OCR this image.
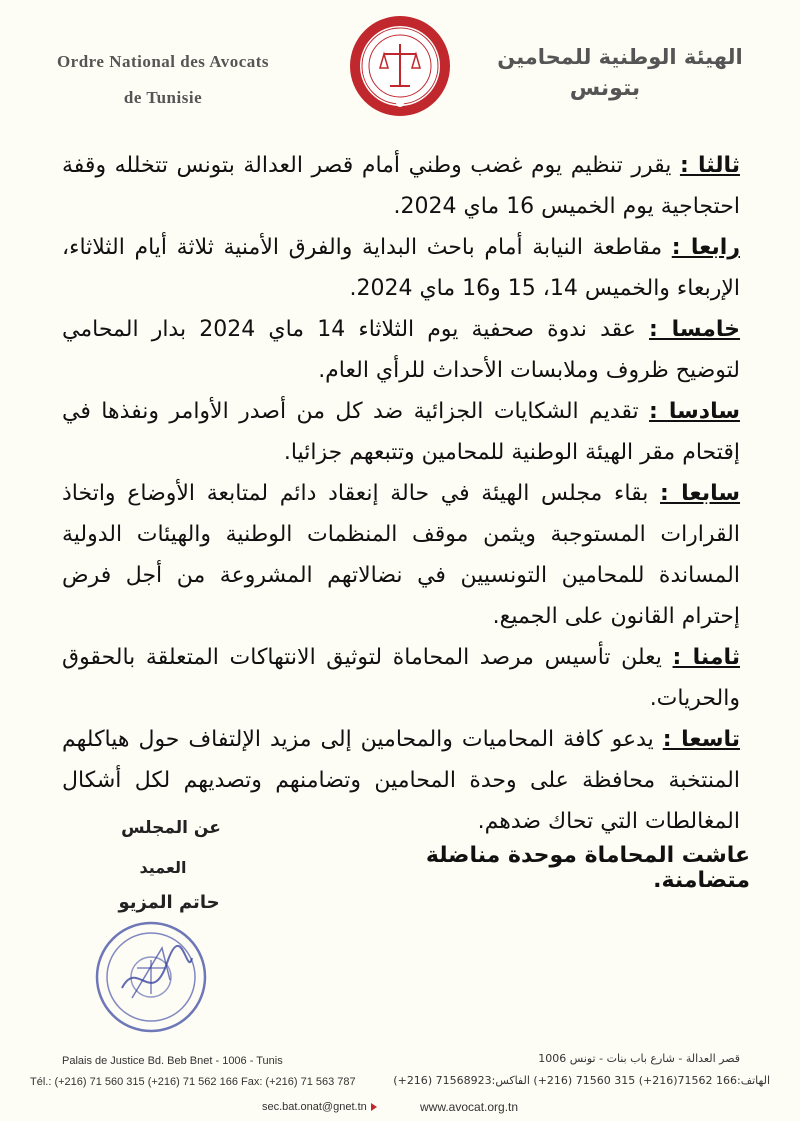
Ordre National des Avocats
de Tunisie
الهيئة الوطنية للمحامين
بتونس

ثالثا : يقرر تنظيم يوم غضب وطني أمام قصر العدالة بتونس تتخلله وقفة احتجاجية يوم الخميس 16 ماي 2024.

رابعا : مقاطعة النيابة أمام باحث البداية والفرق الأمنية ثلاثة أيام الثلاثاء، الإربعاء والخميس 14، 15 و16 ماي 2024.

خامسا : عقد ندوة صحفية يوم الثلاثاء 14 ماي 2024 بدار المحامي لتوضيح ظروف وملابسات الأحداث للرأي العام.

سادسا : تقديم الشكايات الجزائية ضد كل من أصدر الأوامر ونفذها في إقتحام مقر الهيئة الوطنية للمحامين وتتبعهم جزائيا.

سابعا : بقاء مجلس الهيئة في حالة إنعقاد دائم لمتابعة الأوضاع واتخاذ القرارات المستوجبة ويثمن موقف المنظمات الوطنية والهيئات الدولية المساندة للمحامين التونسيين في نضالاتهم المشروعة من أجل فرض إحترام القانون على الجميع.

ثامنا : يعلن تأسيس مرصد المحاماة لتوثيق الانتهاكات المتعلقة بالحقوق والحريات.

تاسعا : يدعو كافة المحاميات والمحامين إلى مزيد الإلتفاف حول هياكلهم المنتخبة محافظة على وحدة المحامين وتضامنهم وتصديهم لكل أشكال المغالطات التي تحاك ضدهم.

عاشت المحاماة موحدة مناضلة متضامنة.
عن المجلس
العميد
حاتم المزيو
Palais de Justice Bd. Beb Bnet - 1006 - Tunis
Tél.: (+216) 71 560 315 (+216) 71 562 166 Fax: (+216) 71 563 787
قصر العدالة - شارع باب بنات - تونس 1006
الهاتف:166 71562(216+) 315 71560 (216+) الفاكس:71568923 (216+)
sec.bat.onat@gnet.tn	www.avocat.org.tn
